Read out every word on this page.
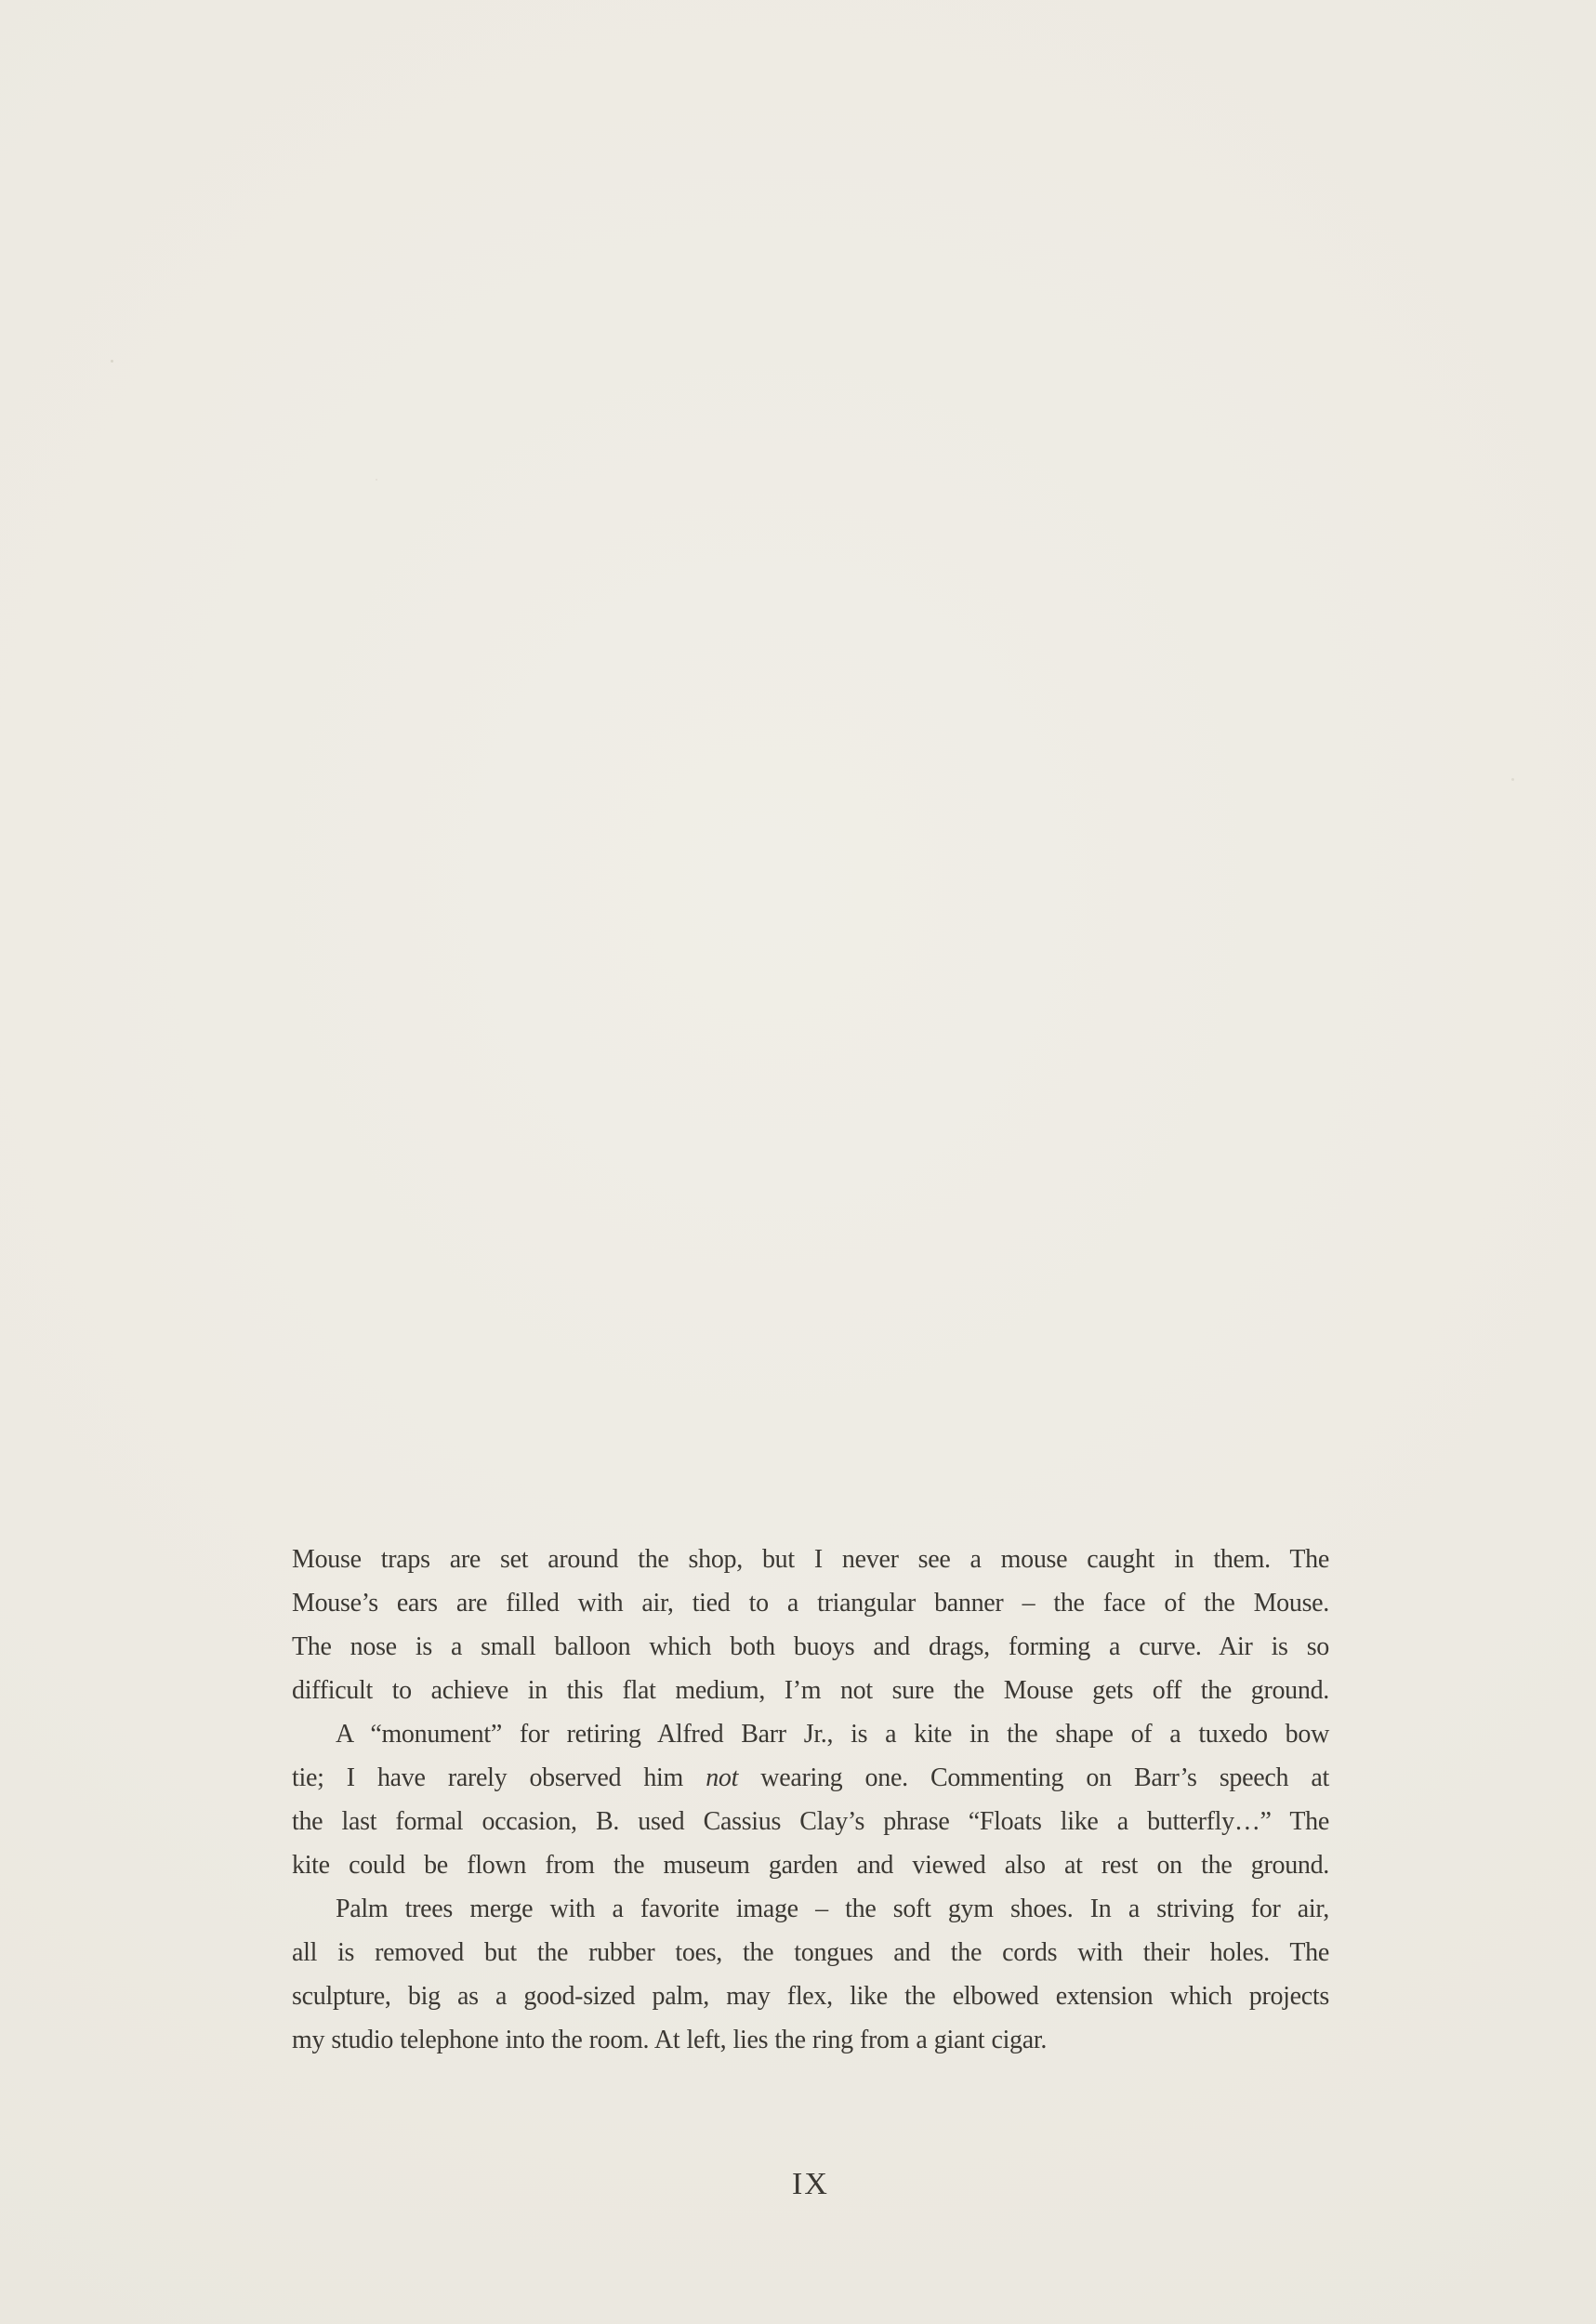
Mouse traps are set around the shop, but I never see a mouse caught in them. The
Mouse’s ears are filled with air, tied to a triangular banner – the face of the Mouse.
The nose is a small balloon which both buoys and drags, forming a curve. Air is so
difficult to achieve in this flat medium, I’m not sure the Mouse gets off the ground.
A “monument” for retiring Alfred Barr Jr., is a kite in the shape of a tuxedo bow
tie; I have rarely observed him not wearing one. Commenting on Barr’s speech at
the last formal occasion, B. used Cassius Clay’s phrase “Floats like a butterfly…” The
kite could be flown from the museum garden and viewed also at rest on the ground.
Palm trees merge with a favorite image – the soft gym shoes. In a striving for air,
all is removed but the rubber toes, the tongues and the cords with their holes. The
sculpture, big as a good-sized palm, may flex, like the elbowed extension which projects
my studio telephone into the room. At left, lies the ring from a giant cigar.
IX
